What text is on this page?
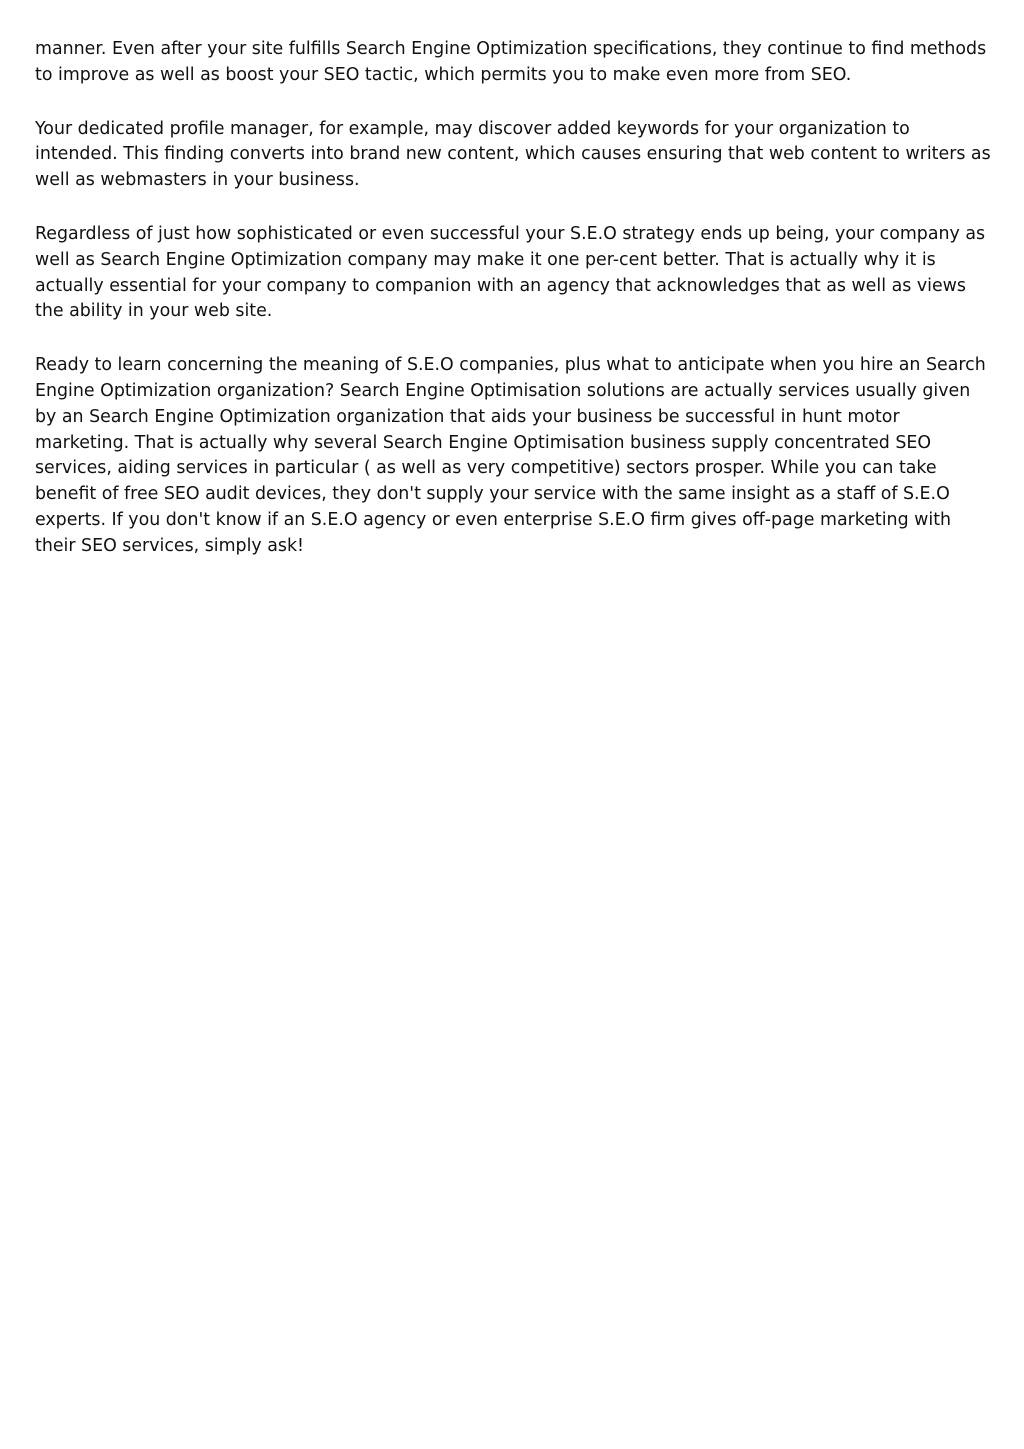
manner. Even after your site fulfills Search Engine Optimization specifications, they continue to find methods to improve as well as boost your SEO tactic, which permits you to make even more from SEO.

Your dedicated profile manager, for example, may discover added keywords for your organization to intended. This finding converts into brand new content, which causes ensuring that web content to writers as well as webmasters in your business.

Regardless of just how sophisticated or even successful your S.E.O strategy ends up being, your company as well as Search Engine Optimization company may make it one per-cent better. That is actually why it is actually essential for your company to companion with an agency that acknowledges that as well as views the ability in your web site.

Ready to learn concerning the meaning of S.E.O companies, plus what to anticipate when you hire an Search Engine Optimization organization? Search Engine Optimisation solutions are actually services usually given by an Search Engine Optimization organization that aids your business be successful in hunt motor marketing. That is actually why several Search Engine Optimisation business supply concentrated SEO services, aiding services in particular ( as well as very competitive) sectors prosper. While you can take benefit of free SEO audit devices, they don't supply your service with the same insight as a staff of S.E.O experts. If you don't know if an S.E.O agency or even enterprise S.E.O firm gives off-page marketing with their SEO services, simply ask!
